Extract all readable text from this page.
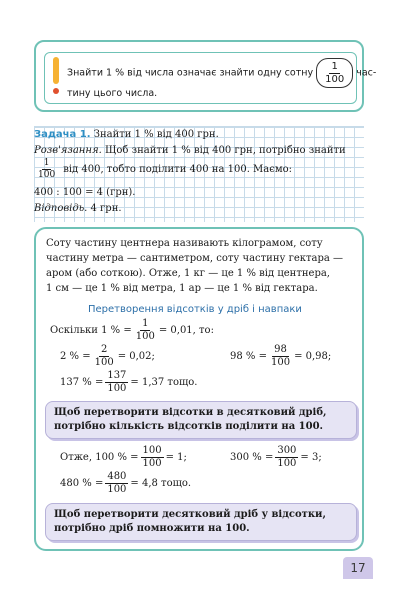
Знайти 1 % від числа означає знайти одну сотну $\frac{1}{100} час-$
тину цього числа.
Задача 1. Знайти 1 % від 400 грн.
Розв'язання. Щоб знайти 1 % від 400 грн, потрібно знайти
$\frac{1}{100}$ від 400, тобто поділити 400 на 100. Маємо:
400 : 100 = 4 (грн).
Відповідь. 4 грн.
Соту частину центнера називають кілограмом, соту
частину метра — сантиметром, соту частину гектара —
аром (або соткою). Отже, 1 кг — це 1 % від центнера,
1 см — це 1 % від метра, 1 ар — це 1 % від гектара.
Перетворення відсотків у дріб і навпаки
Оскільки 1 % = $\frac{1}{100} = 0,01$, то:
2 % = $\frac{2}{100} = 0,02$;	98 % = $\frac{98}{100} = 0,98$;
137 % = $\frac{137}{100} = 1,37$ тощо.
Щоб перетворити відсотки в десятковий дріб,
потрібно кількість відсотків поділити на 100.
Отже, 100 % = $\frac{100}{100} = 1$;	300 % = $\frac{300}{100} = 3$;
480 % = $\frac{480}{100} = 4,8$ тощо.
Щоб перетворити десятковий дріб у відсотки,
потрібно дріб помножити на 100.
17
